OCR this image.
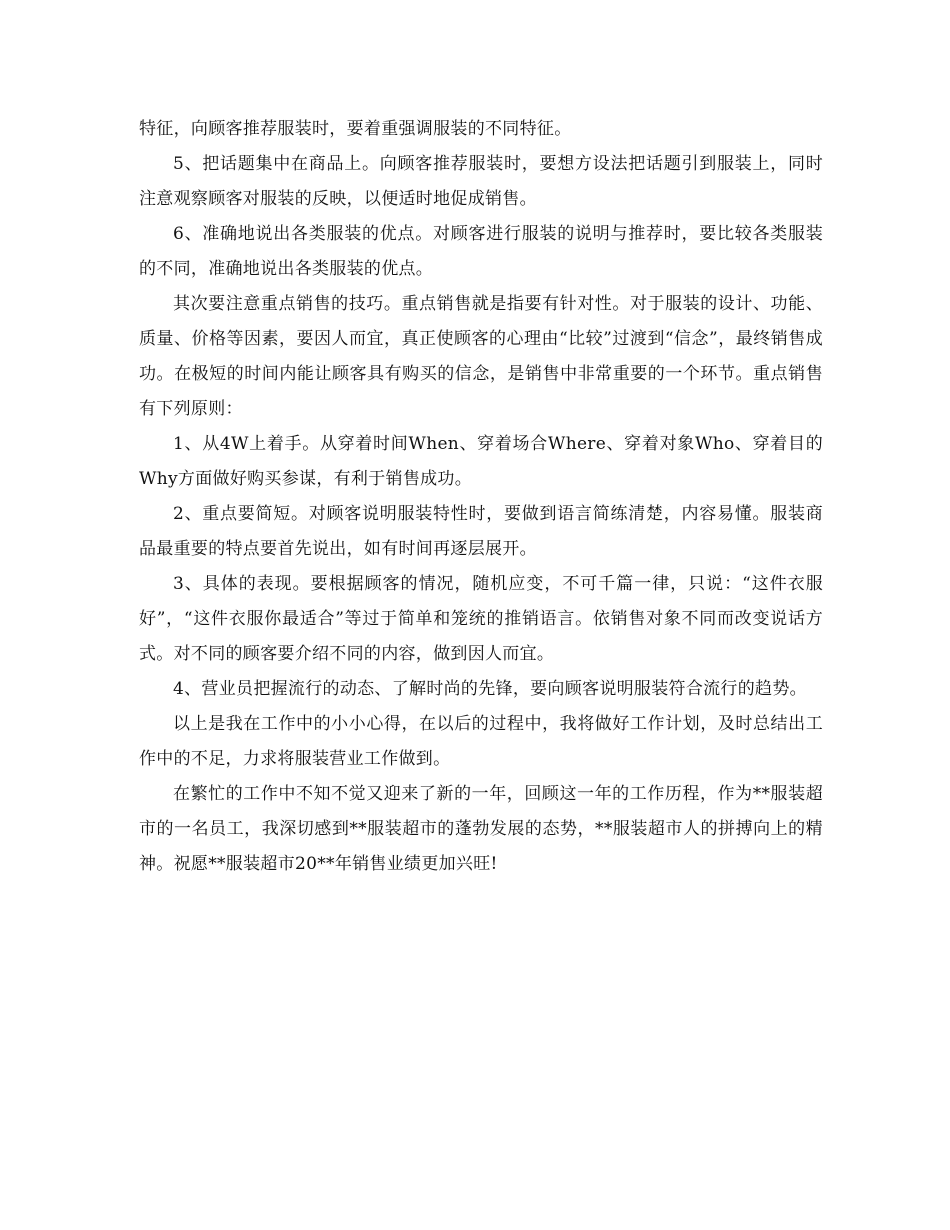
特征，向顾客推荐服装时，要着重强调服装的不同特征。

5、把话题集中在商品上。向顾客推荐服装时，要想方设法把话题引到服装上，同时注意观察顾客对服装的反映，以便适时地促成销售。

6、准确地说出各类服装的优点。对顾客进行服装的说明与推荐时，要比较各类服装的不同，准确地说出各类服装的优点。

其次要注意重点销售的技巧。重点销售就是指要有针对性。对于服装的设计、功能、质量、价格等因素，要因人而宜，真正使顾客的心理由“比较”过渡到“信念”，最终销售成功。在极短的时间内能让顾客具有购买的信念，是销售中非常重要的一个环节。重点销售有下列原则：

1、从4W上着手。从穿着时间When、穿着场合Where、穿着对象Who、穿着目的Why方面做好购买参谋，有利于销售成功。

2、重点要简短。对顾客说明服装特性时，要做到语言简练清楚，内容易懂。服装商品最重要的特点要首先说出，如有时间再逐层展开。

3、具体的表现。要根据顾客的情况，随机应变，不可千篇一律，只说：“这件衣服好”，“这件衣服你最适合”等过于简单和笼统的推销语言。依销售对象不同而改变说话方式。对不同的顾客要介绍不同的内容，做到因人而宜。

4、营业员把握流行的动态、了解时尚的先锋，要向顾客说明服装符合流行的趋势。

以上是我在工作中的小小心得，在以后的过程中，我将做好工作计划，及时总结出工作中的不足，力求将服装营业工作做到。

在繁忙的工作中不知不觉又迎来了新的一年，回顾这一年的工作历程，作为**服装超市的一名员工，我深切感到**服装超市的蓬勃发展的态势，**服装超市人的拼搏向上的精神。祝愿**服装超市20**年销售业绩更加兴旺!
